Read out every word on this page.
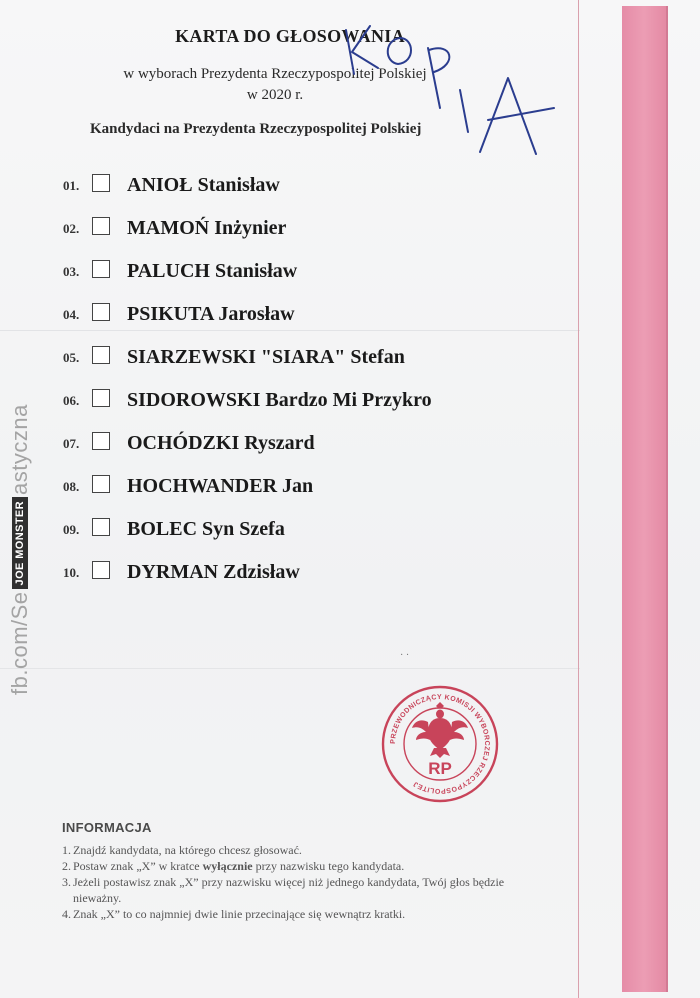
fb.com/Se
JOE MONSTER
astyczna
KARTA DO GŁOSOWANIA
w wyborach Prezydenta Rzeczypospolitej Polskiej
w 2020 r.
Kandydaci na Prezydenta Rzeczypospolitej Polskiej
KOPIA
01.	ANIOŁ Stanisław
02.	MAMOŃ Inżynier
03.	PALUCH Stanisław
04.	PSIKUTA Jarosław
05.	SIARZEWSKI "SIARA" Stefan
06.	SIDOROWSKI Bardzo Mi Przykro
07.	OCHÓDZKI Ryszard
08.	HOCHWANDER Jan
09.	BOLEC Syn Szefa
10.	DYRMAN Zdzisław
· ·
PRZEWODNICZĄCY KOMISJI WYBORCZEJ RZECZYPOSPOLITEJ
RP
INFORMACJA
1. Znajdź kandydata, na którego chcesz głosować.
2. Postaw znak „X” w kratce wyłącznie przy nazwisku tego kandydata.
3. Jeżeli postawisz znak „X” przy nazwisku więcej niż jednego kandydata, Twój głos będzie nieważny.
4. Znak „X” to co najmniej dwie linie przecinające się wewnątrz kratki.
